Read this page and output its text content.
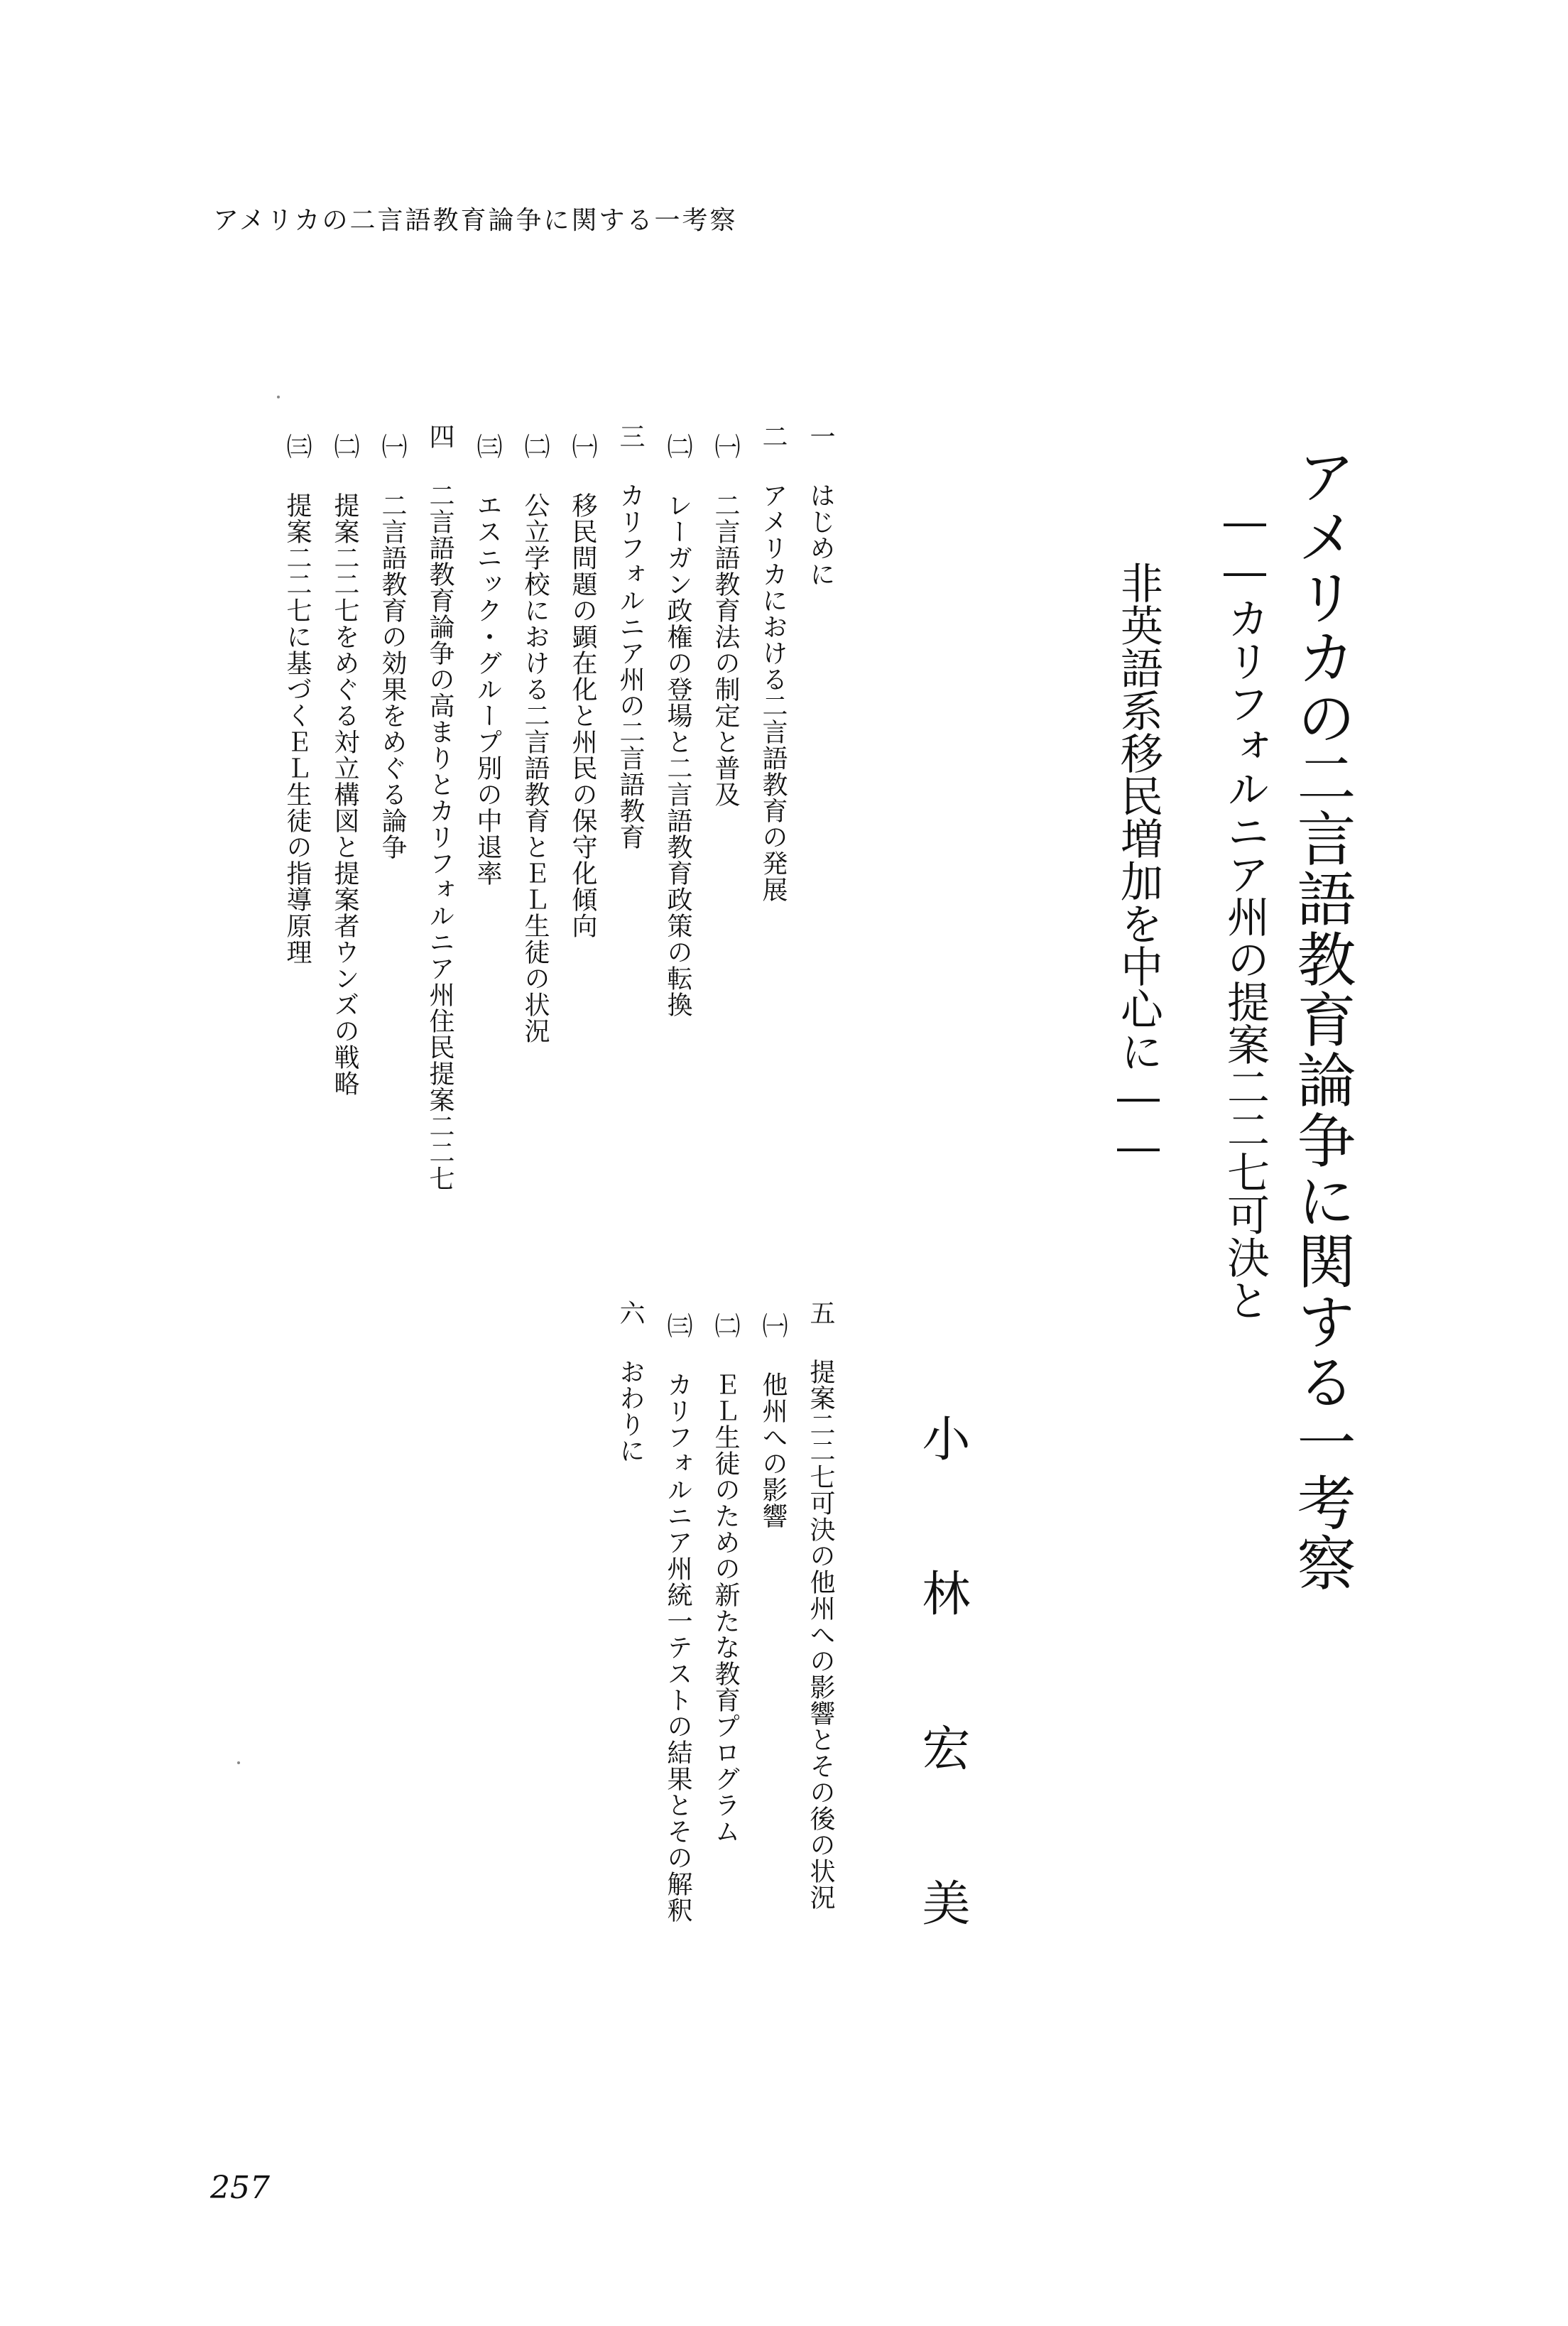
アメリカの二言語教育論争に関する一考察
アメリカの二言語教育論争に関する一考察
――カリフォルニア州の提案二二七可決と
非英語系移民増加を中心に――
小林宏美
一はじめに
二アメリカにおける二言語教育の発展
㈠二言語教育法の制定と普及
㈡レーガン政権の登場と二言語教育政策の転換
三カリフォルニア州の二言語教育
㈠移民問題の顕在化と州民の保守化傾向
㈡公立学校における二言語教育とＥＬ生徒の状況
㈢エスニック・グループ別の中退率
四二言語教育論争の高まりとカリフォルニア州住民提案二二七
㈠二言語教育の効果をめぐる論争
㈡提案二二七をめぐる対立構図と提案者ウンズの戦略
㈢提案二二七に基づくＥＬ生徒の指導原理
五提案二二七可決の他州への影響とその後の状況
㈠他州への影響
㈡ＥＬ生徒のための新たな教育プログラム
㈢カリフォルニア州統一テストの結果とその解釈
六おわりに
257
